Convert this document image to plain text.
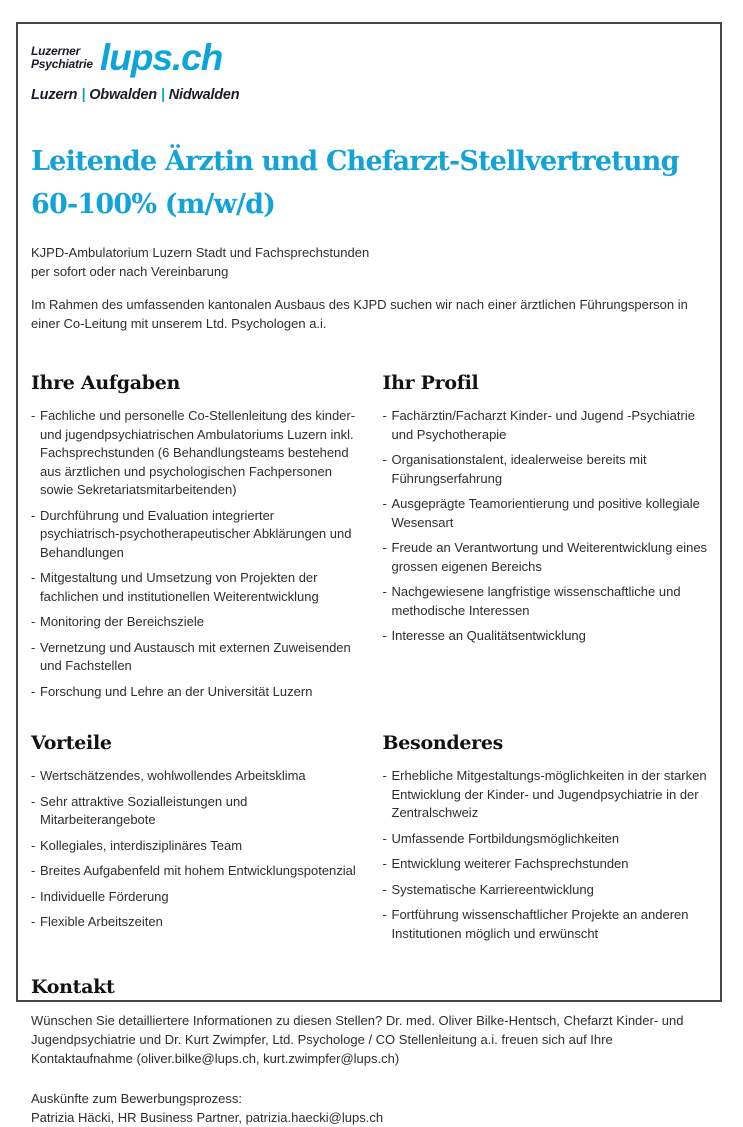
Luzerner
Psychiatrie lups.ch
Luzern | Obwalden | Nidwalden
Leitende Ärztin und Chefarzt-Stellvertretung
60-100% (m/w/d)

KJPD-Ambulatorium Luzern Stadt und Fachsprechstunden
per sofort oder nach Vereinbarung

Im Rahmen des umfassenden kantonalen Ausbaus des KJPD suchen wir nach einer ärztlichen Führungsperson in einer Co-Leitung mit unserem Ltd. Psychologen a.i.

Ihre Aufgaben
- Fachliche und personelle Co-Stellenleitung des kinder- und jugendpsychiatrischen Ambulatoriums Luzern inkl. Fachsprechstunden (6 Behandlungsteams bestehend aus ärztlichen und psychologischen Fachpersonen sowie Sekretariatsmitarbeitenden)
- Durchführung und Evaluation integrierter psychiatrisch-psychotherapeutischer Abklärungen und Behandlungen
- Mitgestaltung und Umsetzung von Projekten der fachlichen und institutionellen Weiterentwicklung
- Monitoring der Bereichsziele
- Vernetzung und Austausch mit externen Zuweisenden und Fachstellen
- Forschung und Lehre an der Universität Luzern
Ihr Profil
- Fachärztin/Facharzt Kinder- und Jugend -Psychiatrie und Psychotherapie
- Organisationstalent, idealerweise bereits mit Führungserfahrung
- Ausgeprägte Teamorientierung und positive kollegiale Wesensart
- Freude an Verantwortung und Weiterentwicklung eines grossen eigenen Bereichs
- Nachgewiesene langfristige wissenschaftliche und methodische Interessen
- Interesse an Qualitätsentwicklung
Vorteile
- Wertschätzendes, wohlwollendes Arbeitsklima
- Sehr attraktive Sozialleistungen und Mitarbeiterangebote
- Kollegiales, interdisziplinäres Team
- Breites Aufgabenfeld mit hohem Entwicklungspotenzial
- Individuelle Förderung
- Flexible Arbeitszeiten
Besonderes
- Erhebliche Mitgestaltungs-möglichkeiten in der starken Entwicklung der Kinder- und Jugendpsychiatrie in der Zentralschweiz
- Umfassende Fortbildungsmöglichkeiten
- Entwicklung weiterer Fachsprechstunden
- Systematische Karriereentwicklung
- Fortführung wissenschaftlicher Projekte an anderen Institutionen möglich und erwünscht
Kontakt

Wünschen Sie detailliertere Informationen zu diesen Stellen? Dr. med. Oliver Bilke-Hentsch, Chefarzt Kinder- und Jugendpsychiatrie und Dr. Kurt Zwimpfer, Ltd. Psychologe / CO Stellenleitung a.i. freuen sich auf Ihre Kontaktaufnahme (oliver.bilke@lups.ch, kurt.zwimpfer@lups.ch)

Auskünfte zum Bewerbungsprozess:
Patrizia Häcki, HR Business Partner, patrizia.haecki@lups.ch
